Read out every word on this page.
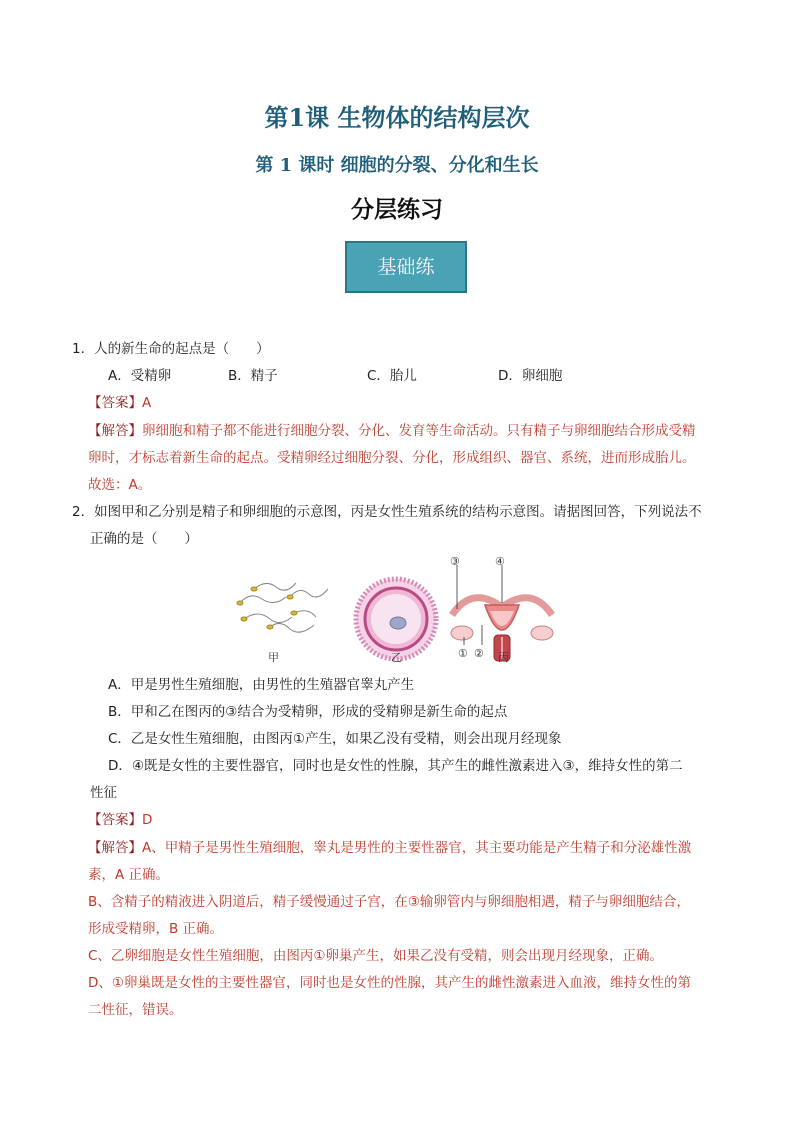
第1课 生物体的结构层次
第 1 课时 细胞的分裂、分化和生长
分层练习
基础练
1．人的新生命的起点是（　　）
A．受精卵	B．精子	C．胎儿	D．卵细胞
【答案】A
【解答】卵细胞和精子都不能进行细胞分裂、分化、发育等生命活动。只有精子与卵细胞结合形成受精
卵时，才标志着新生命的起点。受精卵经过细胞分裂、分化，形成组织、器官、系统，进而形成胎儿。
故选：A。
2．如图甲和乙分别是精子和卵细胞的示意图，丙是女性生殖系统的结构示意图。请据图回答，下列说法不
正确的是（　　）
甲	乙
③	④
① ② 丙
A．甲是男性生殖细胞，由男性的生殖器官睾丸产生
B．甲和乙在图丙的③结合为受精卵，形成的受精卵是新生命的起点
C．乙是女性生殖细胞，由图丙①产生，如果乙没有受精，则会出现月经现象
D．④既是女性的主要性器官，同时也是女性的性腺，其产生的雌性激素进入③，维持女性的第二
性征
【答案】D
【解答】A、甲精子是男性生殖细胞，睾丸是男性的主要性器官，其主要功能是产生精子和分泌雄性激
素，A 正确。
B、含精子的精液进入阴道后，精子缓慢通过子宫，在③输卵管内与卵细胞相遇，精子与卵细胞结合，
形成受精卵，B 正确。
C、乙卵细胞是女性生殖细胞，由图丙①卵巢产生，如果乙没有受精，则会出现月经现象，正确。
D、①卵巢既是女性的主要性器官，同时也是女性的性腺，其产生的雌性激素进入血液，维持女性的第
二性征，错误。
